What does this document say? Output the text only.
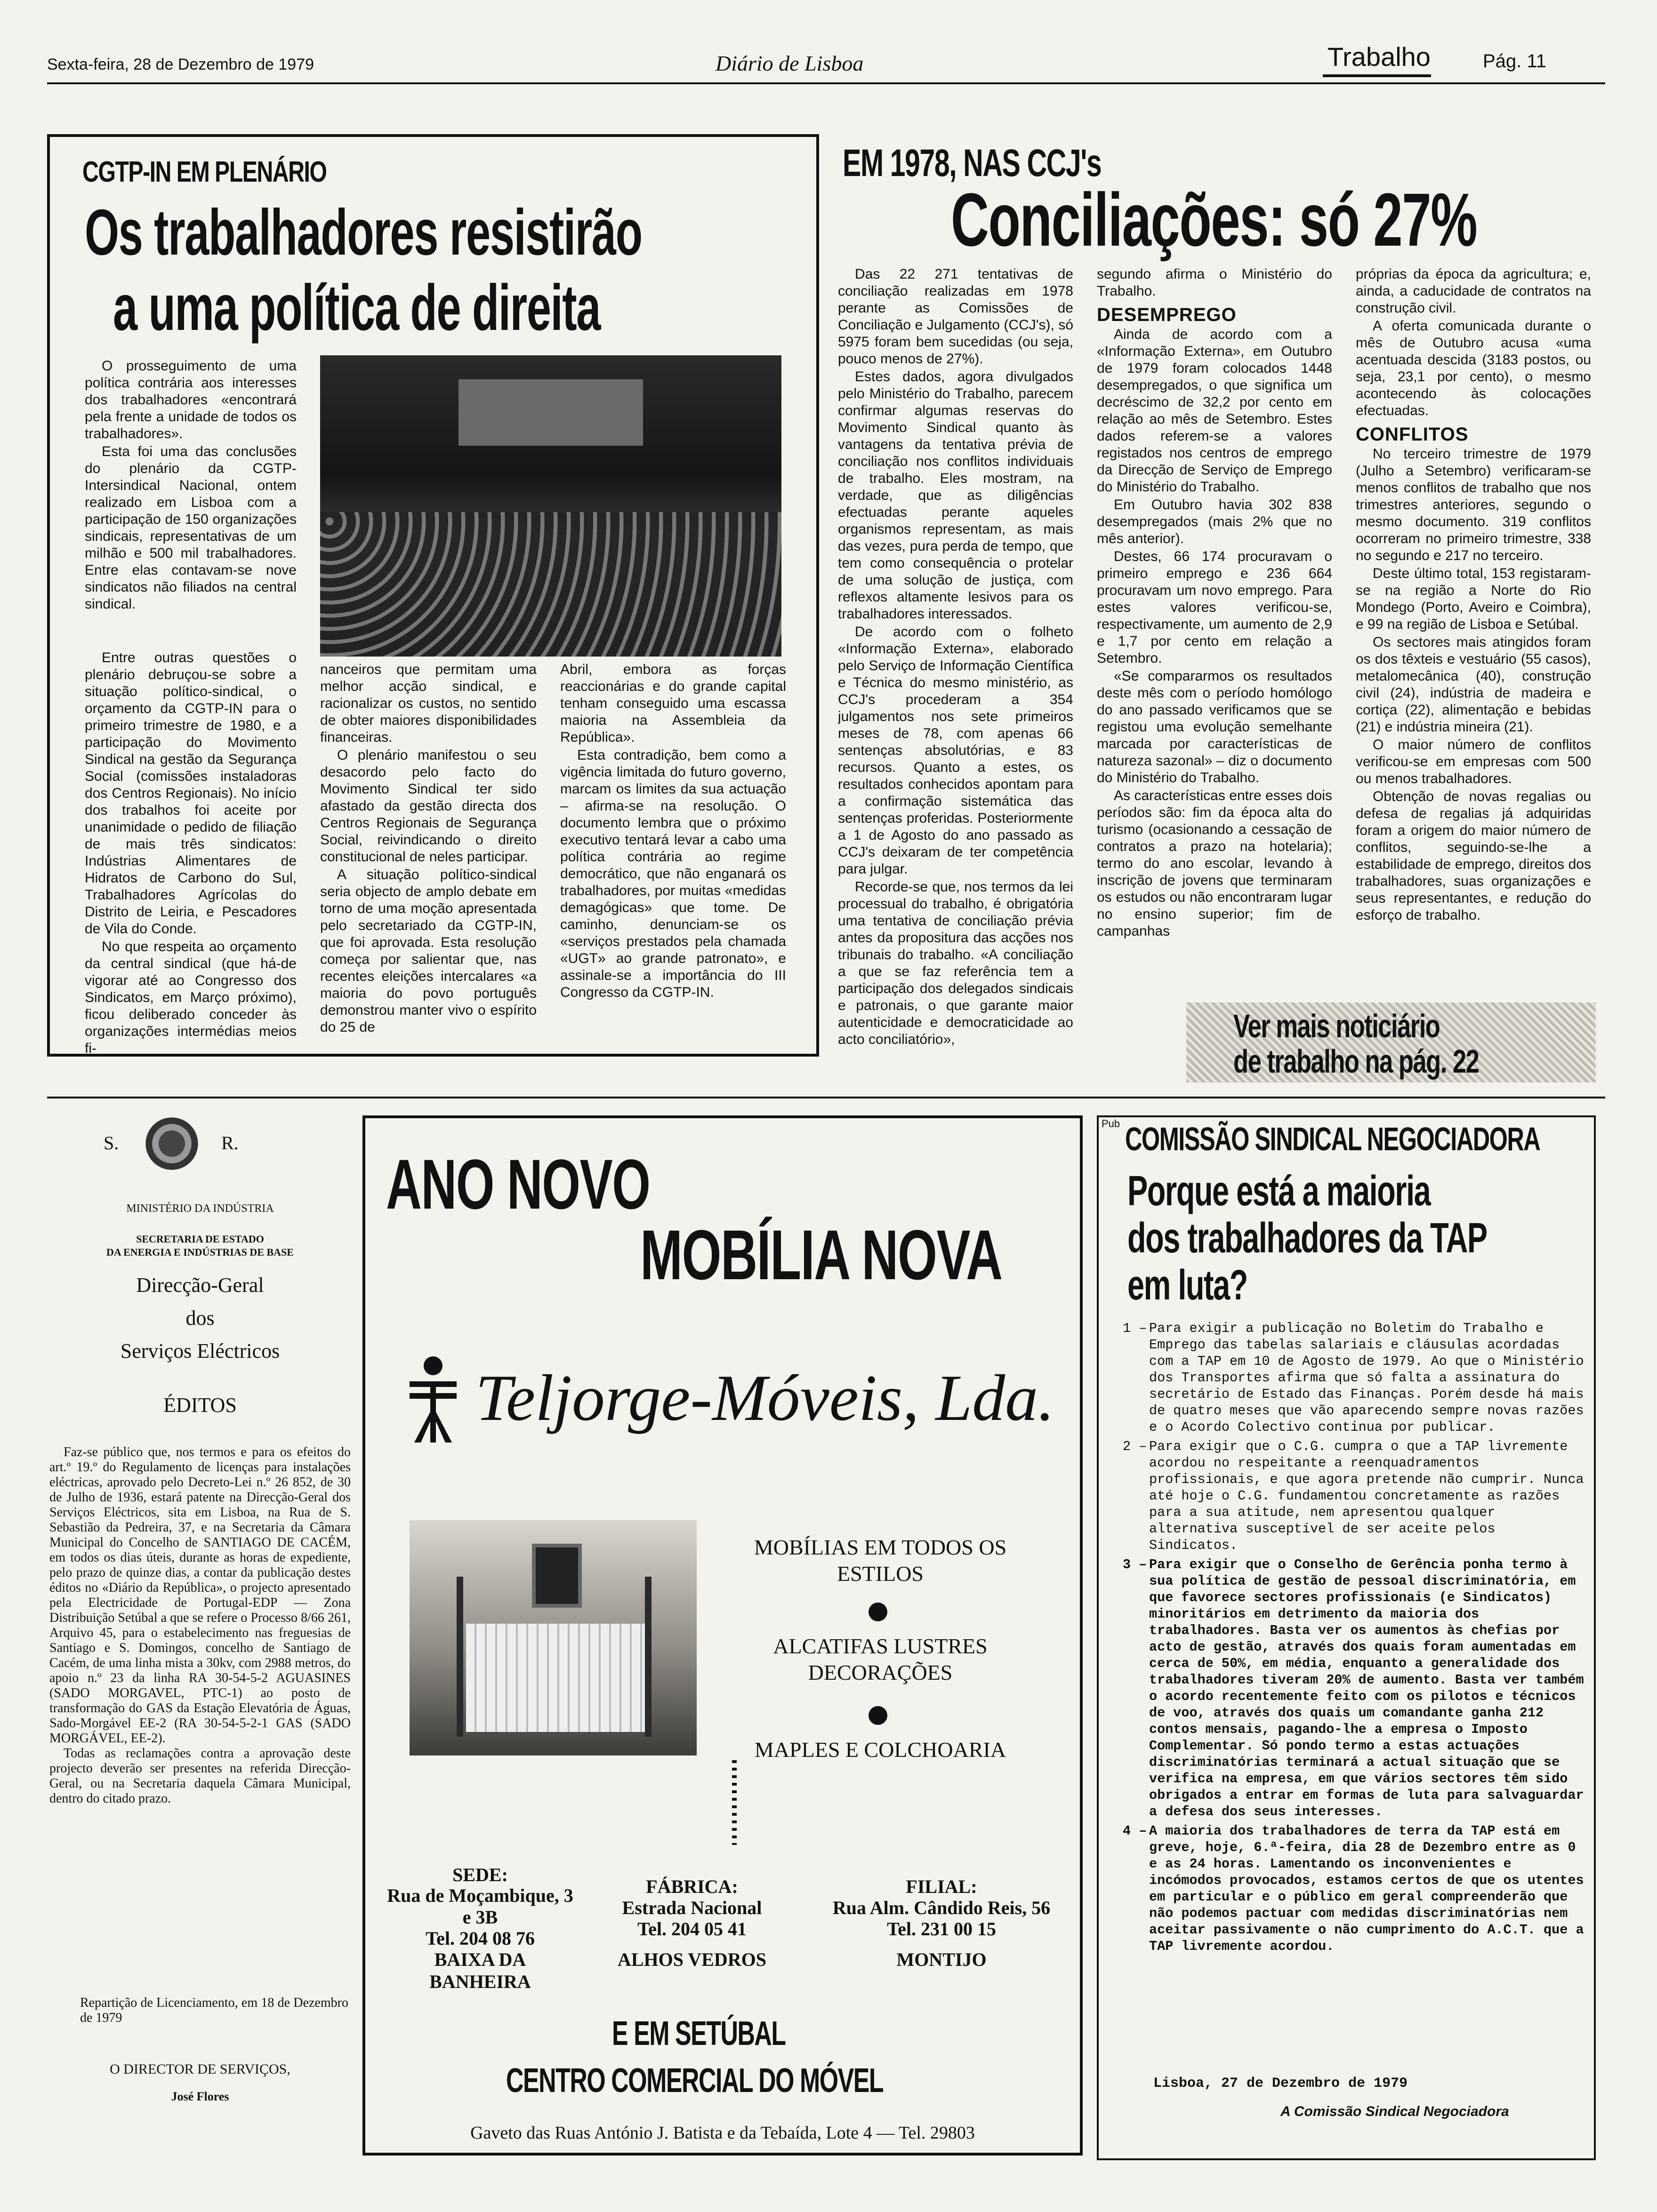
Sexta-feira, 28 de Dezembro de 1979	Diário de Lisboa	Trabalho	Pág. 11
CGTP-IN EM PLENÁRIO
Os trabalhadores resistirão
a uma política de direita

O prosseguimento de uma política contrária aos interesses dos trabalhadores «encontrará pela frente a unidade de todos os trabalhadores».

Esta foi uma das conclusões do plenário da CGTP-Intersindical Nacional, ontem realizado em Lisboa com a participação de 150 organizações sindicais, representativas de um milhão e 500 mil trabalhadores. Entre elas contavam-se nove sindicatos não filiados na central sindical.

Entre outras questões o plenário debruçou-se sobre a situação político-sindical, o orçamento da CGTP-IN para o primeiro trimestre de 1980, e a participação do Movimento Sindical na gestão da Segurança Social (comissões instaladoras dos Centros Regionais). No início dos trabalhos foi aceite por unanimidade o pedido de filiação de mais três sindicatos: Indústrias Alimentares de Hidratos de Carbono do Sul, Trabalhadores Agrícolas do Distrito de Leiria, e Pescadores de Vila do Conde.

No que respeita ao orçamento da central sindical (que há-de vigorar até ao Congresso dos Sindicatos, em Março próximo), ficou deliberado conceder às organizações intermédias meios fi-

nanceiros que permitam uma melhor acção sindical, e racionalizar os custos, no sentido de obter maiores disponibilidades financeiras.

O plenário manifestou o seu desacordo pelo facto do Movimento Sindical ter sido afastado da gestão directa dos Centros Regionais de Segurança Social, reivindicando o direito constitucional de neles participar.

A situação político-sindical seria objecto de amplo debate em torno de uma moção apresentada pelo secretariado da CGTP-IN, que foi aprovada. Esta resolução começa por salientar que, nas recentes eleições intercalares «a maioria do povo português demonstrou manter vivo o espírito do 25 de

Abril, embora as forças reaccionárias e do grande capital tenham conseguido uma escassa maioria na Assembleia da República».

Esta contradição, bem como a vigência limitada do futuro governo, marcam os limites da sua actuação – afirma-se na resolução. O documento lembra que o próximo executivo tentará levar a cabo uma política contrária ao regime democrático, que não enganará os trabalhadores, por muitas «medidas demagógicas» que tome. De caminho, denunciam-se os «serviços prestados pela chamada «UGT» ao grande patronato», e assinale-se a importância do III Congresso da CGTP-IN.

EM 1978, NAS CCJ's
Conciliações: só 27%

Das 22 271 tentativas de conciliação realizadas em 1978 perante as Comissões de Conciliação e Julgamento (CCJ's), só 5975 foram bem sucedidas (ou seja, pouco menos de 27%).

Estes dados, agora divulgados pelo Ministério do Trabalho, parecem confirmar algumas reservas do Movimento Sindical quanto às vantagens da tentativa prévia de conciliação nos conflitos individuais de trabalho. Eles mostram, na verdade, que as diligências efectuadas perante aqueles organismos representam, as mais das vezes, pura perda de tempo, que tem como consequência o protelar de uma solução de justiça, com reflexos altamente lesivos para os trabalhadores interessados.

De acordo com o folheto «Informação Externa», elaborado pelo Serviço de Informação Científica e Técnica do mesmo ministério, as CCJ's procederam a 354 julgamentos nos sete primeiros meses de 78, com apenas 66 sentenças absolutórias, e 83 recursos. Quanto a estes, os resultados conhecidos apontam para a confirmação sistemática das sentenças proferidas. Posteriormente a 1 de Agosto do ano passado as CCJ's deixaram de ter competência para julgar.

Recorde-se que, nos termos da lei processual do trabalho, é obrigatória uma tentativa de conciliação prévia antes da propositura das acções nos tribunais do trabalho. «A conciliação a que se faz referência tem a participação dos delegados sindicais e patronais, o que garante maior autenticidade e democraticidade ao acto conciliatório»,

segundo afirma o Ministério do Trabalho.

DESEMPREGO

Ainda de acordo com a «Informação Externa», em Outubro de 1979 foram colocados 1448 desempregados, o que significa um decréscimo de 32,2 por cento em relação ao mês de Setembro. Estes dados referem-se a valores registados nos centros de emprego da Direcção de Serviço de Emprego do Ministério do Trabalho.

Em Outubro havia 302 838 desempregados (mais 2% que no mês anterior).

Destes, 66 174 procuravam o primeiro emprego e 236 664 procuravam um novo emprego. Para estes valores verificou-se, respectivamente, um aumento de 2,9 e 1,7 por cento em relação a Setembro.

«Se compararmos os resultados deste mês com o período homólogo do ano passado verificamos que se registou uma evolução semelhante marcada por características de natureza sazonal» – diz o documento do Ministério do Trabalho.

As características entre esses dois períodos são: fim da época alta do turismo (ocasionando a cessação de contratos a prazo na hotelaria); termo do ano escolar, levando à inscrição de jovens que terminaram os estudos ou não encontraram lugar no ensino superior; fim de campanhas

próprias da época da agricultura; e, ainda, a caducidade de contratos na construção civil.

A oferta comunicada durante o mês de Outubro acusa «uma acentuada descida (3183 postos, ou seja, 23,1 por cento), o mesmo acontecendo às colocações efectuadas.

CONFLITOS

No terceiro trimestre de 1979 (Julho a Setembro) verificaram-se menos conflitos de trabalho que nos trimestres anteriores, segundo o mesmo documento. 319 conflitos ocorreram no primeiro trimestre, 338 no segundo e 217 no terceiro.

Deste último total, 153 registaram-se na região a Norte do Rio Mondego (Porto, Aveiro e Coimbra), e 99 na região de Lisboa e Setúbal.

Os sectores mais atingidos foram os dos têxteis e vestuário (55 casos), metalomecânica (40), construção civil (24), indústria de madeira e cortiça (22), alimentação e bebidas (21) e indústria mineira (21).

O maior número de conflitos verificou-se em empresas com 500 ou menos trabalhadores.

Obtenção de novas regalias ou defesa de regalias já adquiridas foram a origem do maior número de conflitos, seguindo-se-lhe a estabilidade de emprego, direitos dos trabalhadores, suas organizações e seus representantes, e redução do esforço de trabalho.

Ver mais noticiário
de trabalho na pág. 22
S.	R.
MINISTÉRIO DA INDÚSTRIA
SECRETARIA DE ESTADO
DA ENERGIA E INDÚSTRIAS DE BASE
Direcção-Geral
dos
Serviços Eléctricos
ÉDITOS

Faz-se público que, nos termos e para os efeitos do art.º 19.º do Regulamento de licenças para instalações eléctricas, aprovado pelo Decreto-Lei n.º 26 852, de 30 de Julho de 1936, estará patente na Direcção-Geral dos Serviços Eléctricos, sita em Lisboa, na Rua de S. Sebastião da Pedreira, 37, e na Secretaria da Câmara Municipal do Concelho de SANTIAGO DE CACÉM, em todos os dias úteis, durante as horas de expediente, pelo prazo de quinze dias, a contar da publicação destes éditos no «Diário da República», o projecto apresentado pela Electricidade de Portugal-EDP — Zona Distribuição Setúbal a que se refere o Processo 8/66 261, Arquivo 45, para o estabelecimento nas freguesias de Santiago e S. Domingos, concelho de Santiago de Cacém, de uma linha mista a 30kv, com 2988 metros, do apoio n.º 23 da linha RA 30-54-5-2 AGUASINES (SADO MORGAVEL, PTC-1) ao posto de transformação do GAS da Estação Elevatória de Águas, Sado-Morgável EE-2 (RA 30-54-5-2-1 GAS (SADO MORGÁVEL, EE-2).

Todas as reclamações contra a aprovação deste projecto deverão ser presentes na referida Direcção-Geral, ou na Secretaria daquela Câmara Municipal, dentro do citado prazo.

Repartição de Licenciamento, em 18 de Dezembro de 1979
O DIRECTOR DE SERVIÇOS,
José Flores
ANO NOVO
MOBÍLIA NOVA
Teljorge-Móveis, Lda.
MOBÍLIAS EM TODOS OS ESTILOS
ALCATIFAS LUSTRES DECORAÇÕES
MAPLES E COLCHOARIA
SEDE:
Rua de Moçambique, 3 e 3B
Tel. 204 08 76
BAIXA DA BANHEIRA
FÁBRICA:
Estrada Nacional
Tel. 204 05 41
ALHOS VEDROS
FILIAL:
Rua Alm. Cândido Reis, 56
Tel. 231 00 15
MONTIJO
E EM SETÚBAL
CENTRO COMERCIAL DO MÓVEL
Gaveto das Ruas António J. Batista e da Tebaída, Lote 4 — Tel. 29803
Pub COMISSÃO SINDICAL NEGOCIADORA
Porque está a maioria
dos trabalhadores da TAP
em luta?
1 – Para exigir a publicação no Boletim do Trabalho e Emprego das tabelas salariais e cláusulas acordadas com a TAP em 10 de Agosto de 1979. Ao que o Ministério dos Transportes afirma que só falta a assinatura do secretário de Estado das Finanças. Porém desde há mais de quatro meses que vão aparecendo sempre novas razões e o Acordo Colectivo continua por publicar.
2 – Para exigir que o C.G. cumpra o que a TAP livremente acordou no respeitante a reenquadramentos profissionais, e que agora pretende não cumprir. Nunca até hoje o C.G. fundamentou concretamente as razões para a sua atitude, nem apresentou qualquer alternativa susceptível de ser aceite pelos Sindicatos.
3 – Para exigir que o Conselho de Gerência ponha termo à sua política de gestão de pessoal discriminatória, em que favorece sectores profissionais (e Sindicatos) minoritários em detrimento da maioria dos trabalhadores. Basta ver os aumentos às chefias por acto de gestão, através dos quais foram aumentadas em cerca de 50%, em média, enquanto a generalidade dos trabalhadores tiveram 20% de aumento. Basta ver também o acordo recentemente feito com os pilotos e técnicos de voo, através dos quais um comandante ganha 212 contos mensais, pagando-lhe a empresa o Imposto Complementar. Só pondo termo a estas actuações discriminatórias terminará a actual situação que se verifica na empresa, em que vários sectores têm sido obrigados a entrar em formas de luta para salvaguardar a defesa dos seus interesses.
4 – A maioria dos trabalhadores de terra da TAP está em greve, hoje, 6.ª-feira, dia 28 de Dezembro entre as 0 e as 24 horas. Lamentando os inconvenientes e incómodos provocados, estamos certos de que os utentes em particular e o público em geral compreenderão que não podemos pactuar com medidas discriminatórias nem aceitar passivamente o não cumprimento do A.C.T. que a TAP livremente acordou.
Lisboa, 27 de Dezembro de 1979
A Comissão Sindical Negociadora
